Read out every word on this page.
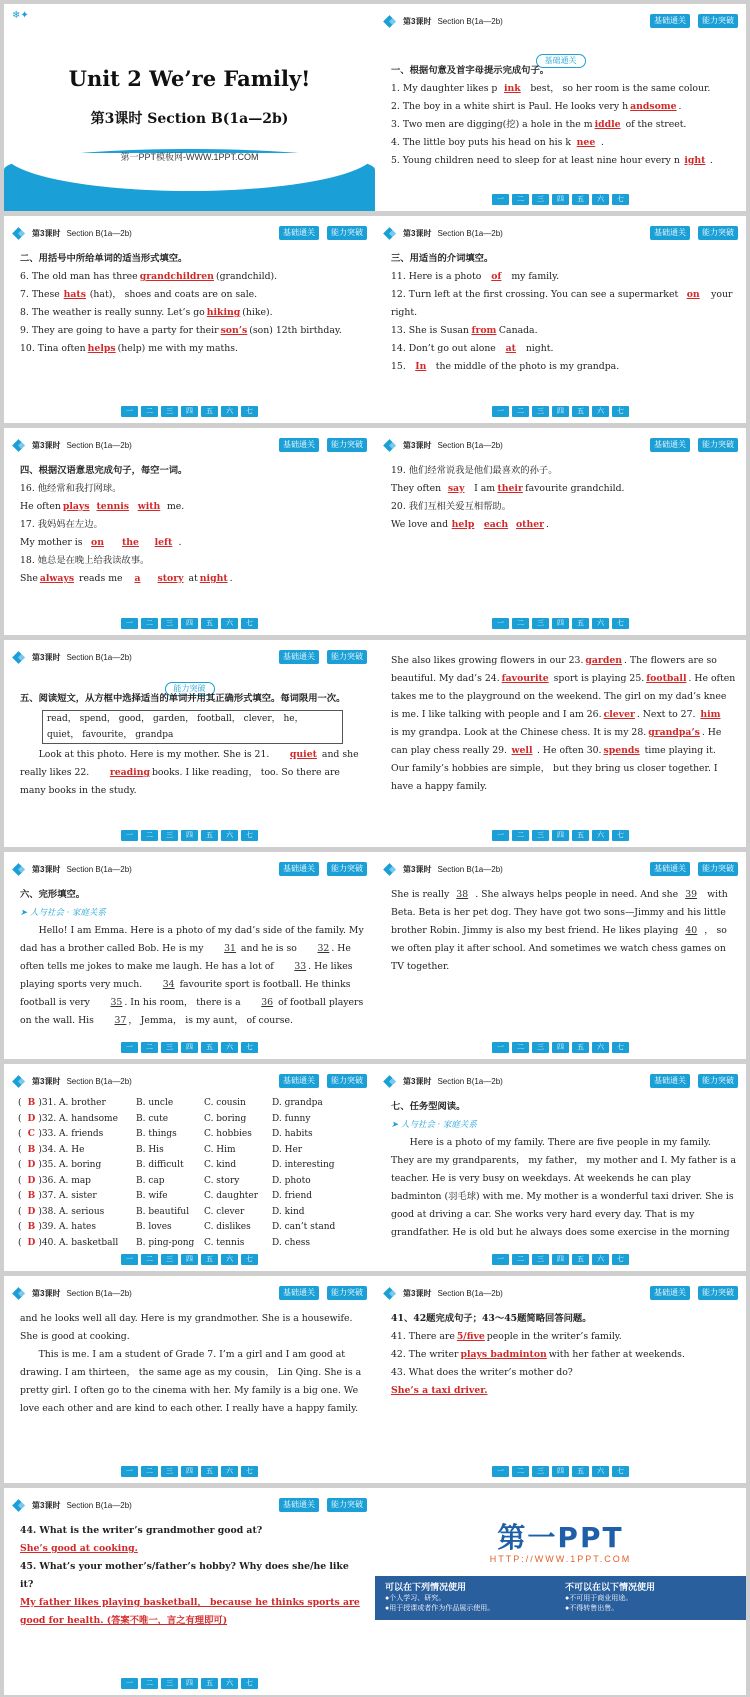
❄✦
Unit 2 We’re Family!
第3课时 Section B(1a—2b)
第一PPT模板网-WWW.1PPT.COM
第3课时 Section B(1a—2b)	基础通关	能力突破
基础通关

一、根据句意及首字母提示完成句子。

1. My daughter likes p ink best， so her room is the same colour.

2. The boy in a white shirt is Paul. He looks very h andsome .

3. Two men are digging(挖) a hole in the m iddle of the street.

4. The little boy puts his head on his k nee .

5. Young children need to sleep for at least nine hour every n ight .

一	二	三	四	五	六	七
第3课时 Section B(1a—2b)	基础通关	能力突破

二、用括号中所给单词的适当形式填空。

6. The old man has three grandchildren (grandchild).

7. These hats (hat)， shoes and coats are on sale.

8. The weather is really sunny. Let’s go hiking (hike).

9. They are going to have a party for their son’s (son) 12th birthday.

10. Tina often helps (help) me with my maths.

一	二	三	四	五	六	七
第3课时 Section B(1a—2b)	基础通关	能力突破

三、用适当的介词填空。

11. Here is a photo of my family.

12. Turn left at the first crossing. You can see a supermarket on your right.

13. She is Susan from Canada.

14. Don’t go out alone at night.

15. In the middle of the photo is my grandpa.

一	二	三	四	五	六	七
第3课时 Section B(1a—2b)	基础通关	能力突破

四、根据汉语意思完成句子，每空一词。

16. 他经常和我打网球。

He often plays tennis with me.

17. 我妈妈在左边。

My mother is on the left .

18. 她总是在晚上给我读故事。

She always reads me a story at night .

一	二	三	四	五	六	七
第3课时 Section B(1a—2b)	基础通关	能力突破

19. 他们经常说我是他们最喜欢的孙子。

They often say I am their favourite grandchild.

20. 我们互相关爱互相帮助。

We love and help each other .

一	二	三	四	五	六	七
第3课时 Section B(1a—2b)	基础通关	能力突破
能力突破

五、阅读短文，从方框中选择适当的单词并用其正确形式填空。每词限用一次。

read， spend， good， garden， football， clever， he， quiet， favourite， grandpa

Look at this photo. Here is my mother. She is 21. quiet and she really likes 22. reading books. I like reading， too. So there are many books in the study.

一	二	三	四	五	六	七

She also likes growing flowers in our 23. garden . The flowers are so beautiful. My dad’s 24. favourite sport is playing 25. football . He often takes me to the playground on the weekend. The girl on my dad’s knee is me. I like talking with people and I am 26. clever . Next to 27. him is my grandpa. Look at the Chinese chess. It is my 28. grandpa’s . He can play chess really 29. well . He often 30. spends time playing it. Our family’s hobbies are simple， but they bring us closer together. I have a happy family.

一	二	三	四	五	六	七
第3课时 Section B(1a—2b)	基础通关	能力突破

六、完形填空。

➤ 人与社会 · 家庭关系

Hello! I am Emma. Here is a photo of my dad’s side of the family. My dad has a brother called Bob. He is my 31 and he is so 32 . He often tells me jokes to make me laugh. He has a lot of 33 . He likes playing sports very much. 34 favourite sport is football. He thinks football is very 35 . In his room， there is a 36 of football players on the wall. His 37 ， Jemma， is my aunt， of course.

一	二	三	四	五	六	七
第3课时 Section B(1a—2b)	基础通关	能力突破

She is really 38 . She always helps people in need. And she 39 with Beta. Beta is her pet dog. They have got two sons—Jimmy and his little brother Robin. Jimmy is also my best friend. He likes playing 40 ， so we often play it after school. And sometimes we watch chess games on TV together.

一	二	三	四	五	六	七
第3课时 Section B(1a—2b)	基础通关	能力突破
( B )31. A. brother	B. uncle	C. cousin	D. grandpa
( D )32. A. handsome	B. cute	C. boring	D. funny
( C )33. A. friends	B. things	C. hobbies	D. habits
( B )34. A. He	B. His	C. Him	D. Her
( D )35. A. boring	B. difficult	C. kind	D. interesting
( D )36. A. map	B. cap	C. story	D. photo
( B )37. A. sister	B. wife	C. daughter	D. friend
( D )38. A. serious	B. beautiful	C. clever	D. kind
( B )39. A. hates	B. loves	C. dislikes	D. can’t stand
( D )40. A. basketball	B. ping-pong	C. tennis	D. chess
一	二	三	四	五	六	七
第3课时 Section B(1a—2b)	基础通关	能力突破

七、任务型阅读。

➤ 人与社会 · 家庭关系

Here is a photo of my family. There are five people in my family. They are my grandparents， my father， my mother and I. My father is a teacher. He is very busy on weekdays. At weekends he can play badminton (羽毛球) with me. My mother is a wonderful taxi driver. She is good at driving a car. She works very hard every day. That is my grandfather. He is old but he always does some exercise in the morning

一	二	三	四	五	六	七
第3课时 Section B(1a—2b)	基础通关	能力突破

and he looks well all day. Here is my grandmother. She is a housewife. She is good at cooking.

This is me. I am a student of Grade 7. I’m a girl and I am good at drawing. I am thirteen， the same age as my cousin， Lin Qing. She is a pretty girl. I often go to the cinema with her. My family is a big one. We love each other and are kind to each other. I really have a happy family.

一	二	三	四	五	六	七
第3课时 Section B(1a—2b)	基础通关	能力突破

41、42题完成句子；43～45题简略回答问题。

41. There are 5/five people in the writer’s family.

42. The writer plays badminton with her father at weekends.

43. What does the writer’s mother do?

She’s a taxi driver.

一	二	三	四	五	六	七
第3课时 Section B(1a—2b)	基础通关	能力突破

44. What is the writer’s grandmother good at?

She’s good at cooking.

45. What’s your mother’s/father’s hobby? Why does she/he like it?

My father likes playing basketball， because he thinks sports are good for health. (答案不唯一，言之有理即可)

一	二	三	四	五	六	七
第一PPT
HTTP://WWW.1PPT.COM
可以在下列情况使用
●个人学习、研究。
●用于授课或者作为作品展示使用。
不可以在以下情况使用
●不可用于商业用途。
●不得转售出售。
